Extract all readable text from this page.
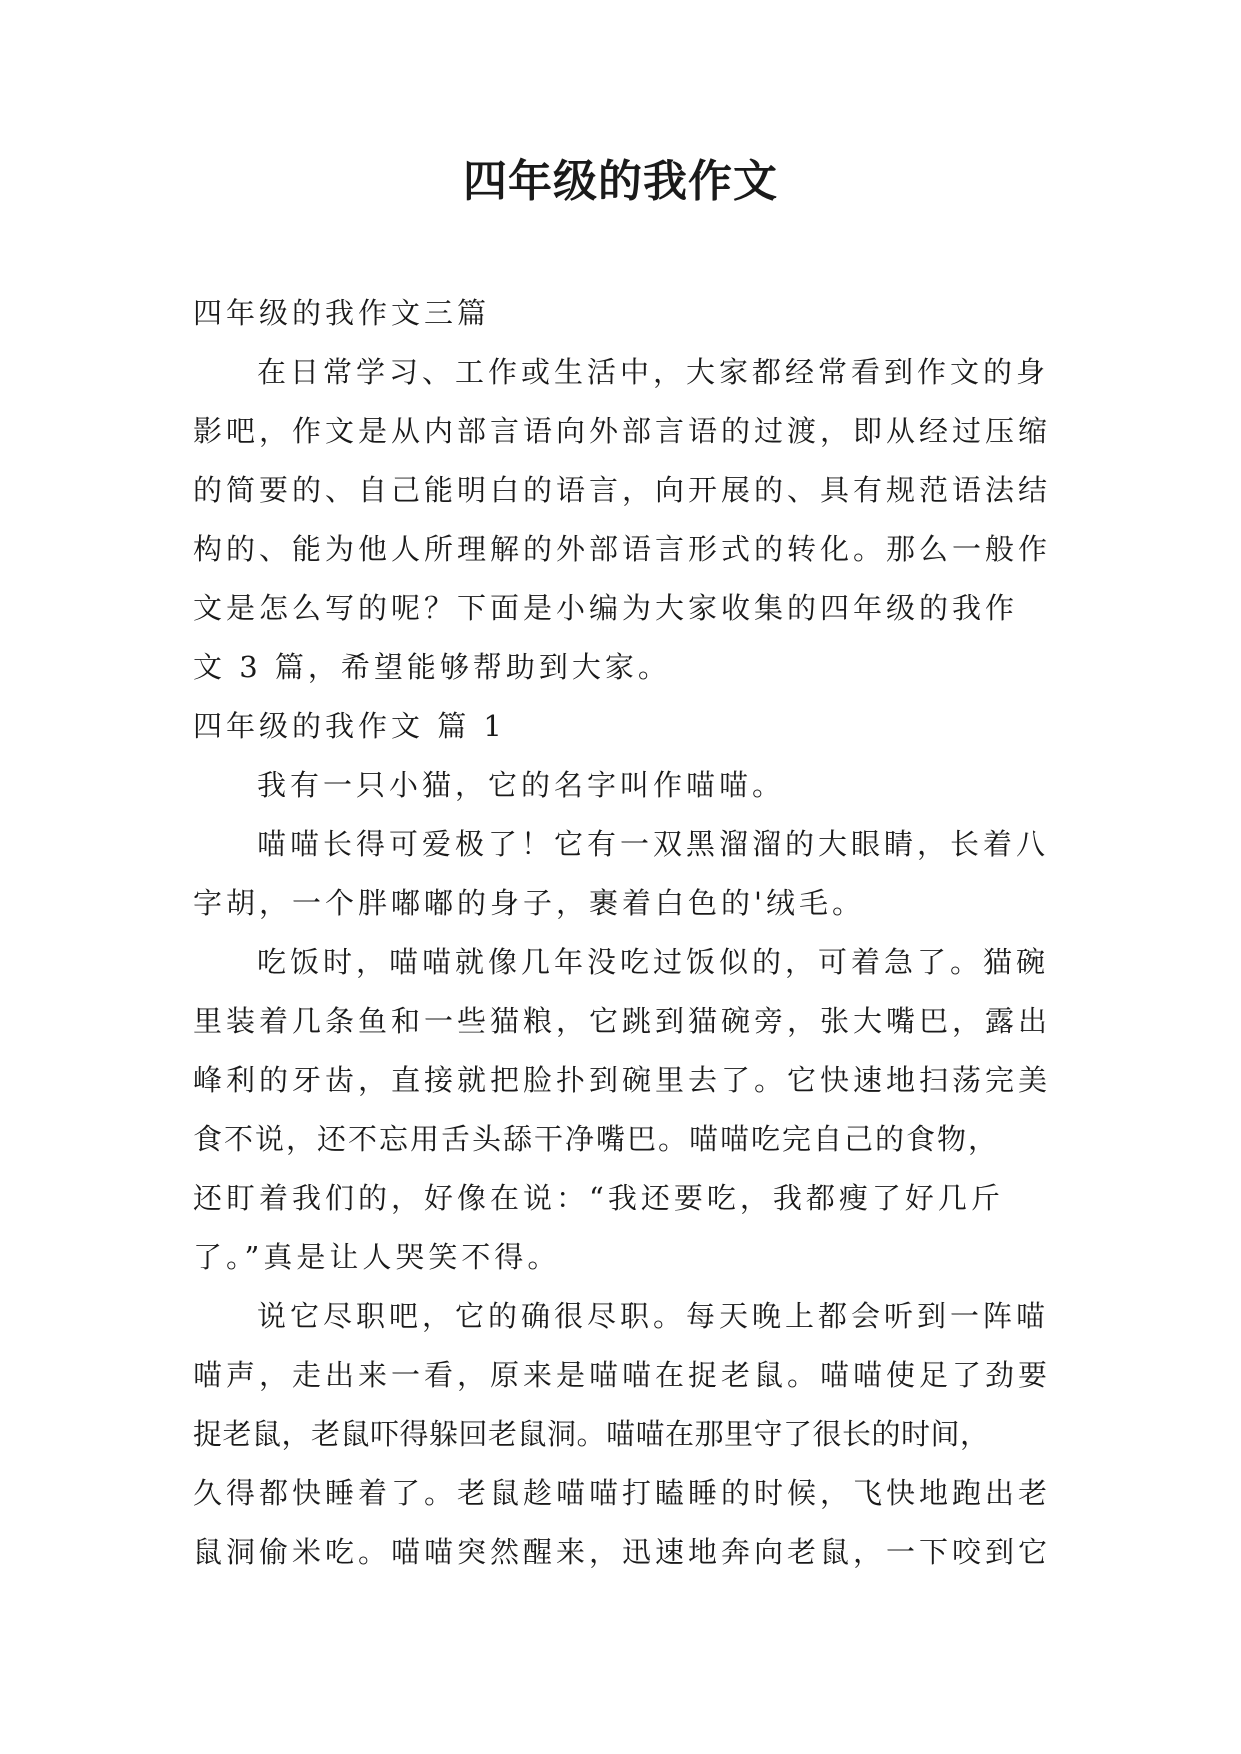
四年级的我作文
四年级的我作文三篇
在日常学习、工作或生活中，大家都经常看到作文的身
影吧，作文是从内部言语向外部言语的过渡，即从经过压缩
的简要的、自己能明白的语言，向开展的、具有规范语法结
构的、能为他人所理解的外部语言形式的转化。那么一般作
文是怎么写的呢？下面是小编为大家收集的四年级的我作
文 3 篇，希望能够帮助到大家。
四年级的我作文 篇 1
我有一只小猫，它的名字叫作喵喵。
喵喵长得可爱极了！它有一双黑溜溜的大眼睛，长着八
字胡，一个胖嘟嘟的身子，裹着白色的'绒毛。
吃饭时，喵喵就像几年没吃过饭似的，可着急了。猫碗
里装着几条鱼和一些猫粮，它跳到猫碗旁，张大嘴巴，露出
峰利的牙齿，直接就把脸扑到碗里去了。它快速地扫荡完美
食不说，还不忘用舌头舔干净嘴巴。喵喵吃完自己的食物，
还盯着我们的，好像在说：“我还要吃，我都瘦了好几斤
了。”真是让人哭笑不得。
说它尽职吧，它的确很尽职。每天晚上都会听到一阵喵
喵声，走出来一看，原来是喵喵在捉老鼠。喵喵使足了劲要
捉老鼠，老鼠吓得躲回老鼠洞。喵喵在那里守了很长的时间，
久得都快睡着了。老鼠趁喵喵打瞌睡的时候，飞快地跑出老
鼠洞偷米吃。喵喵突然醒来，迅速地奔向老鼠，一下咬到它
